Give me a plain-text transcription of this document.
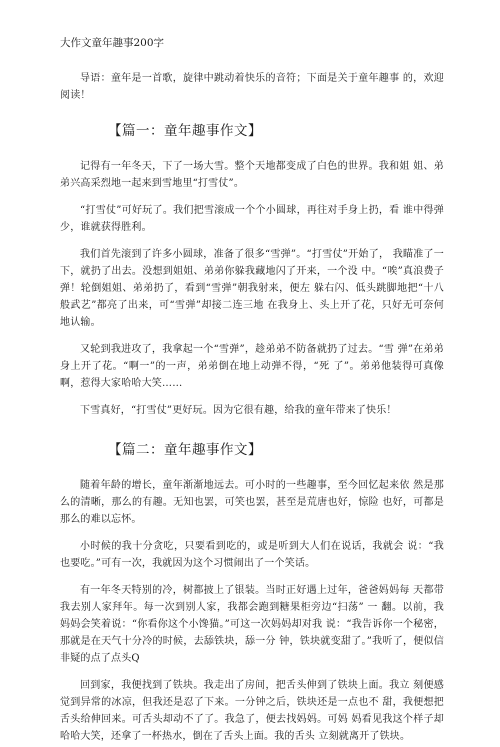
大作文童年趣事200字

导语：童年是一首歌，旋律中跳动着快乐的音符；下面是关于童年趣事 的，欢迎阅读！

【篇一：童年趣事作文】

记得有一年冬天，下了一场大雪。整个天地都变成了白色的世界。我和姐 姐、弟弟兴高采烈地一起来到雪地里“打雪仗”。

“打雪仗”可好玩了。我们把雪滚成一个个小圆球，再往对手身上扔，看 谁中得弹少，谁就获得胜利。

我们首先滚到了许多小圆球，准备了很多“雪弹”。“打雪仗”开始了， 我瞄准了一下，就扔了出去。没想到姐姐、弟弟你躲我藏地闪了开来，一个没 中。“唉”真浪费子弹！轮倒姐姐、弟弟扔了，看到“雪弹”朝我射来，便左 躲右闪、低头跳脚地把“十八般武艺”都亮了出来，可“雪弹”却接二连三地 在我身上、头上开了花，只好无可奈何地认输。

又轮到我进攻了，我拿起一个“雪弹”，趁弟弟不防备就扔了过去。“雪 弹”在弟弟身上开了花。“啊一”的一声，弟弟倒在地上动弹不得，“死 了”。弟弟他装得可真像啊，惹得大家哈哈大笑……

下雪真好，“打雪仗”更好玩。因为它很有趣，给我的童年带来了快乐！

【篇二：童年趣事作文】

随着年龄的增长，童年渐渐地远去。可小时的一些趣事，至今回忆起来依 然是那么的清晰，那么的有趣。无知也罢，可笑也罢，甚至是荒唐也好，惊险 也好，可都是那么的难以忘怀。

小时候的我十分贪吃，只要看到吃的，或是听到大人们在说话，我就会 说：“我也要吃。”可有一次，我就因为这个习惯闹出了一个笑话。

有一年冬天特别的冷，树都披上了银装。当时正好遇上过年，爸爸妈妈每 天都带我去别人家拜年。每一次到别人家，我都会跑到糖果柜旁边“扫荡” 一 翻。以前，我妈妈会笑着说：“你看你这个小馋猫。”可这一次妈妈却对我 说：“我告诉你一个秘密，那就是在天气十分冷的时候，去舔铁块，舔一分 钟，铁块就变甜了。”我听了，便似信非疑的点了点头Q

回到家，我便找到了铁块。我走出了房间，把舌头伸到了铁块上面。我立 刻便感觉到异常的冰凉，但我还是忍了下来。一分钟之后，铁块还是一点也不 甜，我便想把舌头给伸回来。可舌头却动不了了。我急了，便去找妈妈。可妈 妈看见我这个样子却哈哈大笑，还拿了一杯热水，倒在了舌头上面。我的舌头 立刻就离开了铁块。
